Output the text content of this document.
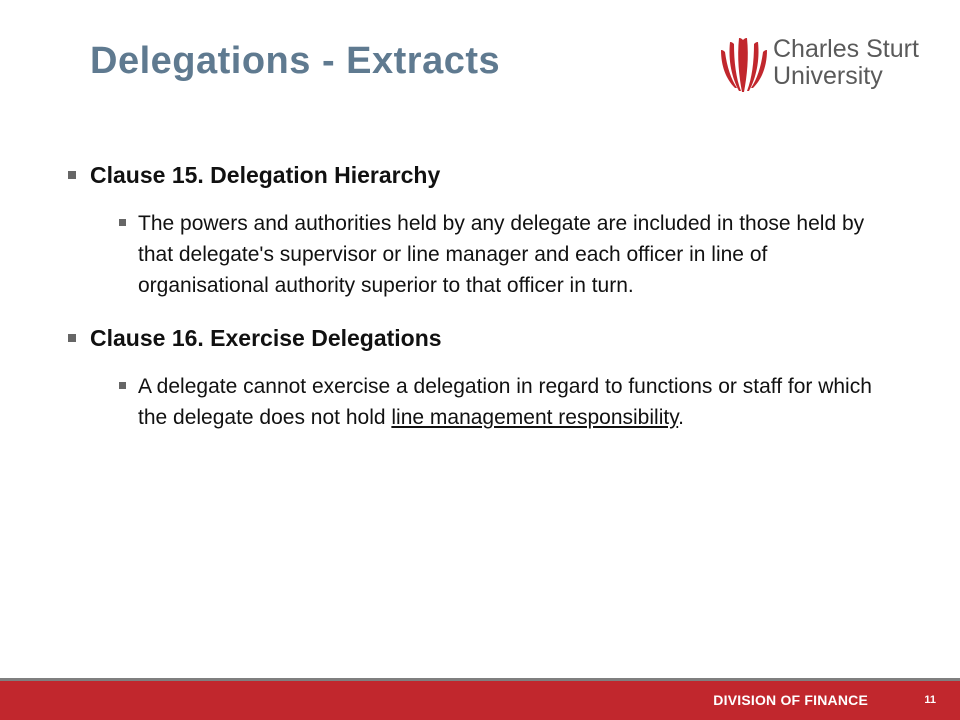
Delegations - Extracts	Charles Sturt
University
Clause 15. Delegation Hierarchy
The powers and authorities held by any delegate are included in those held by that delegate's supervisor or line manager and each officer in line of organisational authority superior to that officer in turn.
Clause 16. Exercise Delegations
A delegate cannot exercise a delegation in regard to functions or staff for which the delegate does not hold line management responsibility.
DIVISION OF FINANCE	11
